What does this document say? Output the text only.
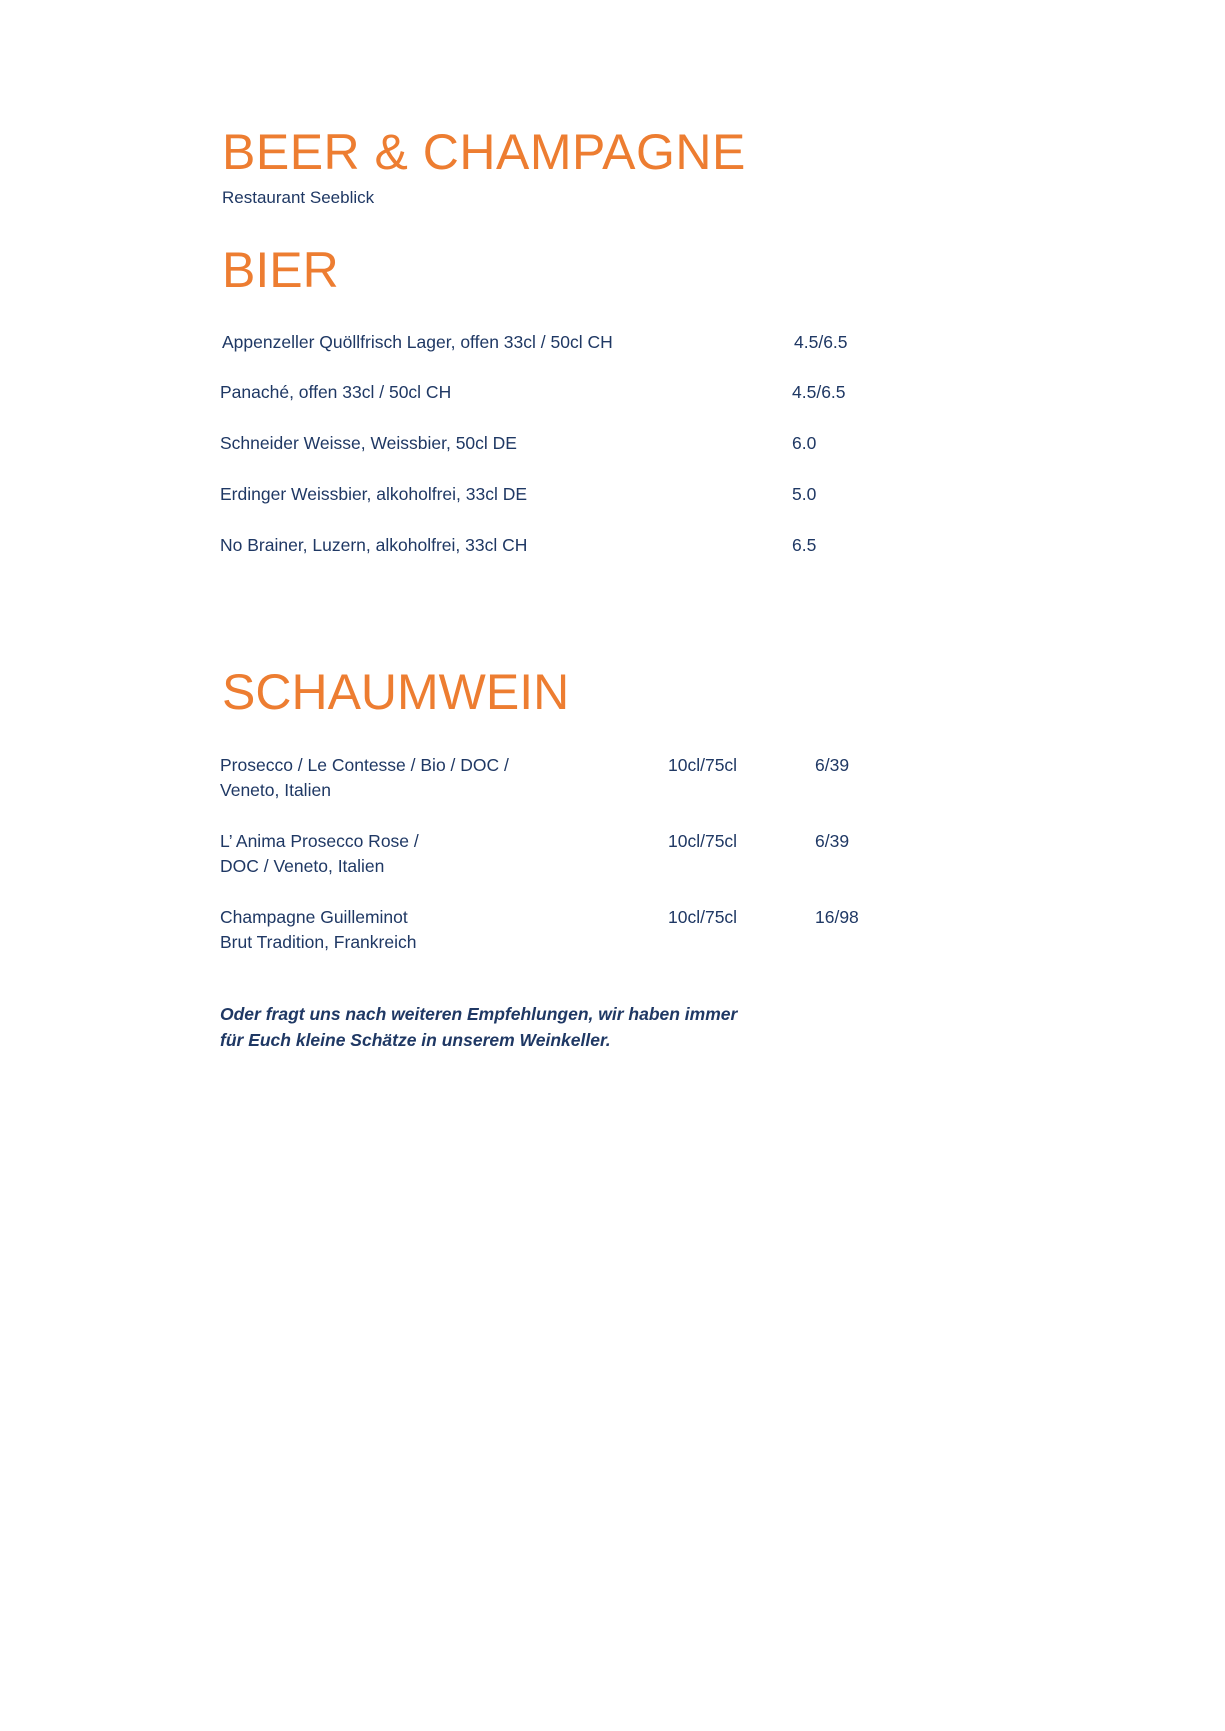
BEER & CHAMPAGNE
Restaurant Seeblick
BIER
Appenzeller Quöllfrisch Lager, offen 33cl / 50cl CH	4.5/6.5
Panaché, offen 33cl / 50cl CH	4.5/6.5
Schneider Weisse, Weissbier, 50cl DE	6.0
Erdinger Weissbier, alkoholfrei, 33cl DE	5.0
No Brainer, Luzern, alkoholfrei, 33cl CH	6.5
SCHAUMWEIN
Prosecco / Le Contesse / Bio / DOC /
Veneto, Italien
10cl/75cl	6/39
L’ Anima Prosecco Rose /
DOC / Veneto, Italien
10cl/75cl	6/39
Champagne Guilleminot
Brut Tradition, Frankreich
10cl/75cl	16/98
Oder fragt uns nach weiteren Empfehlungen, wir haben immer
für Euch kleine Schätze in unserem Weinkeller.
